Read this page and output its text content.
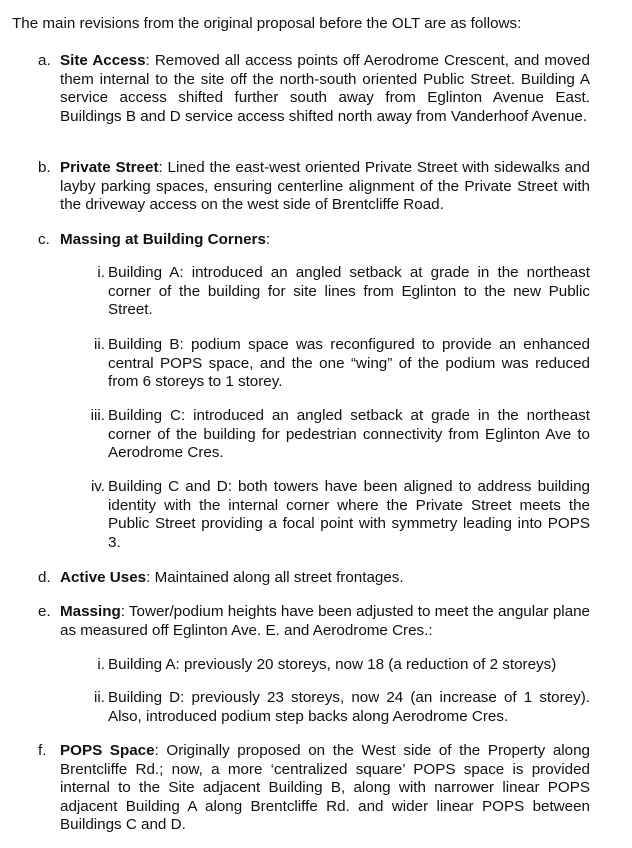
The main revisions from the original proposal before the OLT are as follows:
a. Site Access: Removed all access points off Aerodrome Crescent, and moved them internal to the site off the north-south oriented Public Street. Building A service access shifted further south away from Eglinton Avenue East. Buildings B and D service access shifted north away from Vanderhoof Avenue.
b. Private Street: Lined the east-west oriented Private Street with sidewalks and layby parking spaces, ensuring centerline alignment of the Private Street with the driveway access on the west side of Brentcliffe Road.
c. Massing at Building Corners:
i. Building A: introduced an angled setback at grade in the northeast corner of the building for site lines from Eglinton to the new Public Street.
ii. Building B: podium space was reconfigured to provide an enhanced central POPS space, and the one “wing” of the podium was reduced from 6 storeys to 1 storey.
iii. Building C: introduced an angled setback at grade in the northeast corner of the building for pedestrian connectivity from Eglinton Ave to Aerodrome Cres.
iv. Building C and D: both towers have been aligned to address building identity with the internal corner where the Private Street meets the Public Street providing a focal point with symmetry leading into POPS 3.
d. Active Uses: Maintained along all street frontages.
e. Massing: Tower/podium heights have been adjusted to meet the angular plane as measured off Eglinton Ave. E. and Aerodrome Cres.:
i. Building A: previously 20 storeys, now 18 (a reduction of 2 storeys)
ii. Building D: previously 23 storeys, now 24 (an increase of 1 storey). Also, introduced podium step backs along Aerodrome Cres.
f. POPS Space: Originally proposed on the West side of the Property along Brentcliffe Rd.; now, a more ‘centralized square’ POPS space is provided internal to the Site adjacent Building B, along with narrower linear POPS adjacent Building A along Brentcliffe Rd. and wider linear POPS between Buildings C and D.
